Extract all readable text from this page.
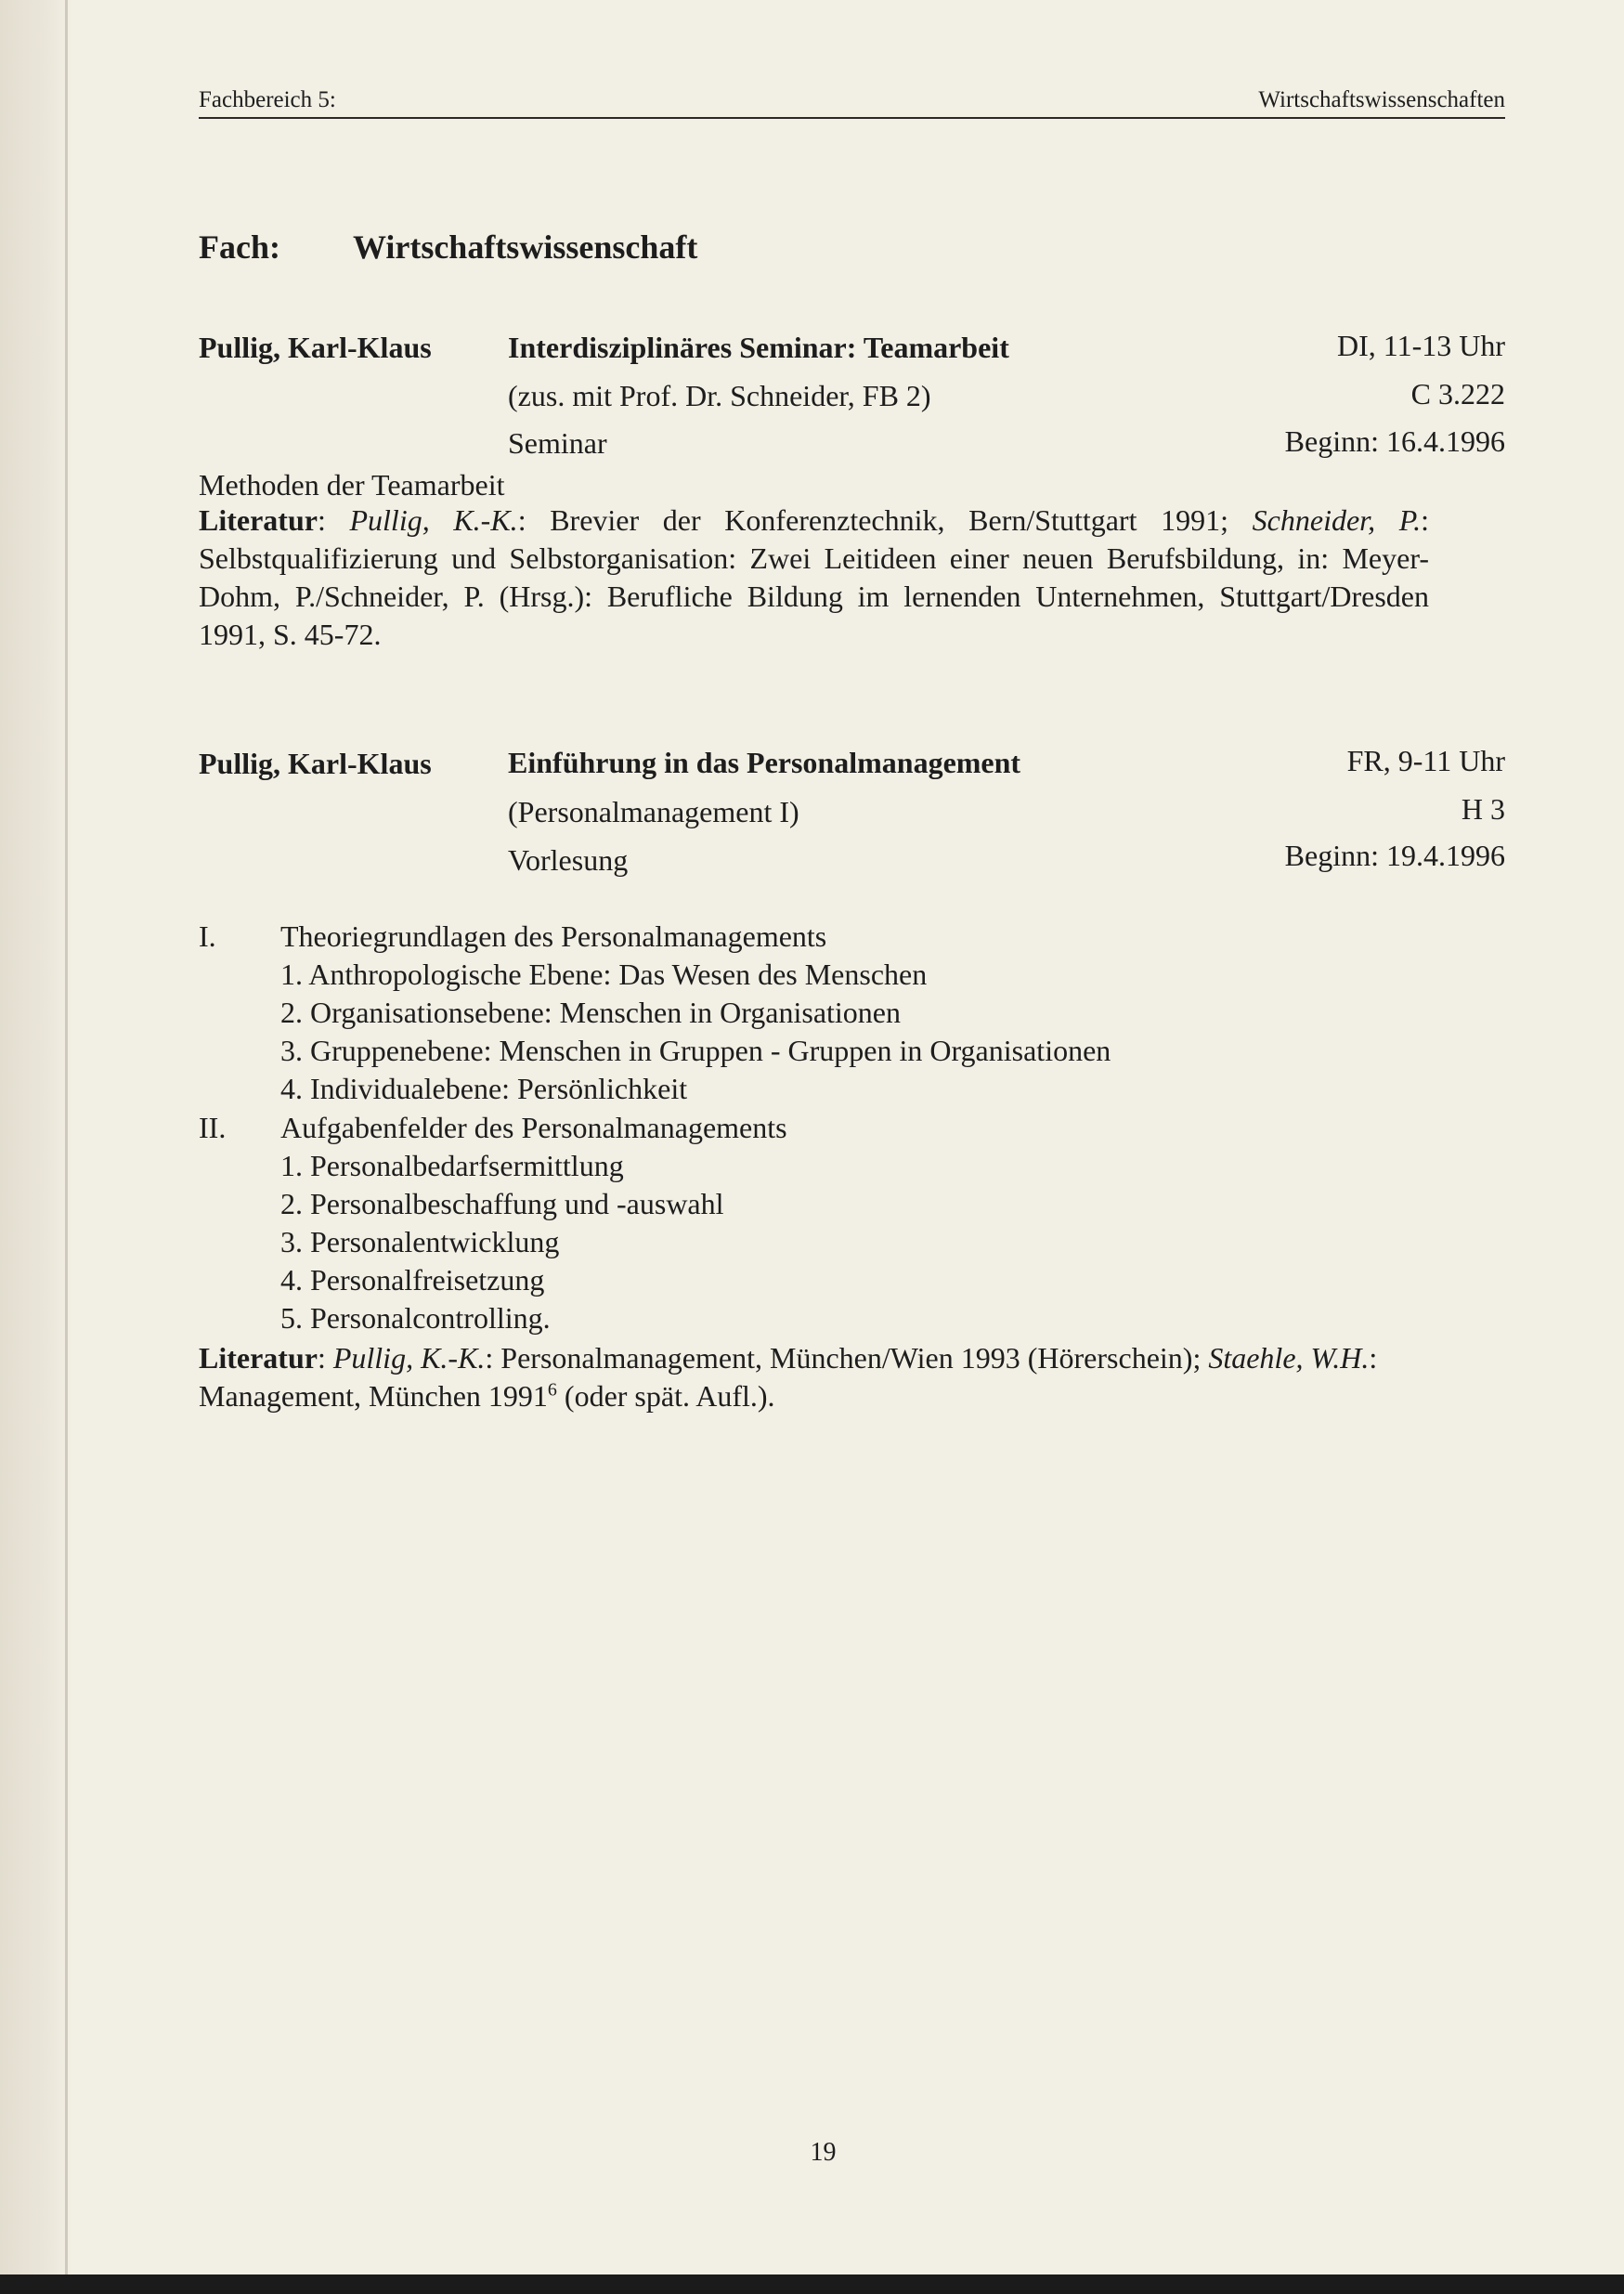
Fachbereich 5:	Wirtschaftswissenschaften
Fach: Wirtschaftswissenschaft
Pullig, Karl-Klaus	Interdisziplinäres Seminar: Teamarbeit	DI, 11-13 Uhr
(zus. mit Prof. Dr. Schneider, FB 2)	C 3.222
Seminar	Beginn: 16.4.1996
Methoden der Teamarbeit
Literatur: Pullig, K.-K.: Brevier der Konferenztechnik, Bern/Stuttgart 1991; Schneider, P.: Selbstqualifizierung und Selbstorganisation: Zwei Leitideen einer neuen Berufsbildung, in: Meyer-Dohm, P./Schneider, P. (Hrsg.): Berufliche Bildung im lernenden Unternehmen, Stuttgart/Dresden 1991, S. 45-72.
Pullig, Karl-Klaus	Einführung in das Personalmanagement	FR, 9-11 Uhr
(Personalmanagement I)	H 3
Vorlesung	Beginn: 19.4.1996
I. Theoriegrundlagen des Personalmanagements
1. Anthropologische Ebene: Das Wesen des Menschen
2. Organisationsebene: Menschen in Organisationen
3. Gruppenebene: Menschen in Gruppen - Gruppen in Organisationen
4. Individualebene: Persönlichkeit
II. Aufgabenfelder des Personalmanagements
1. Personalbedarfsermittlung
2. Personalbeschaffung und -auswahl
3. Personalentwicklung
4. Personalfreisetzung
5. Personalcontrolling.
Literatur: Pullig, K.-K.: Personalmanagement, München/Wien 1993 (Hörerschein); Staehle, W.H.: Management, München 1991$^6$ (oder spät. Aufl.).
19
